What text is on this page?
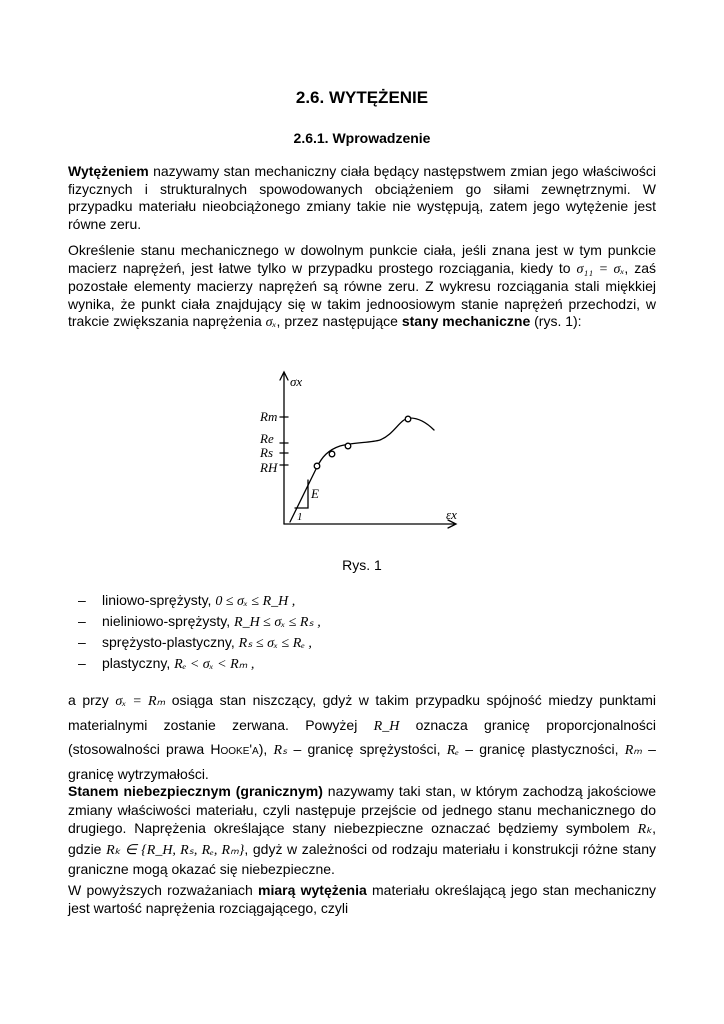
2.6. WYTĘŻENIE
2.6.1. Wprowadzenie

Wytężeniem nazywamy stan mechaniczny ciała będący następstwem zmian jego właściwości fizycznych i strukturalnych spowodowanych obciążeniem go siłami zewnętrznymi. W przypadku materiału nieobciążonego zmiany takie nie występują, zatem jego wytężenie jest równe zeru.

Określenie stanu mechanicznego w dowolnym punkcie ciała, jeśli znana jest w tym punkcie macierz naprężeń, jest łatwe tylko w przypadku prostego rozciągania, kiedy to σ₁₁ = σₓ, zaś pozostałe elementy macierzy naprężeń są równe zeru. Z wykresu rozciągania stali miękkiej wynika, że punkt ciała znajdujący się w takim jednoosiowym stanie naprężeń przechodzi, w trakcie zwiększania naprężenia σₓ, przez następujące stany mechaniczne (rys. 1):

σx
εx
Rm
Re
Rs
RH
E
1
Rys. 1
– liniowo-sprężysty, 0 ≤ σₓ ≤ R_H ,
– nieliniowo-sprężysty, R_H ≤ σₓ ≤ Rₛ ,
– sprężysto-plastyczny, Rₛ ≤ σₓ ≤ Rₑ ,
– plastyczny, Rₑ < σₓ < Rₘ ,

a przy σₓ = Rₘ osiąga stan niszczący, gdyż w takim przypadku spójność miedzy punktami materialnymi zostanie zerwana. Powyżej R_H oznacza granicę proporcjonalności (stosowalności prawa Hooke'a), Rₛ – granicę sprężystości, Rₑ – granicę plastyczności, Rₘ – granicę wytrzymałości.

Stanem niebezpiecznym (granicznym) nazywamy taki stan, w którym zachodzą jakościowe zmiany właściwości materiału, czyli następuje przejście od jednego stanu mechanicznego do drugiego. Naprężenia określające stany niebezpieczne oznaczać będziemy symbolem Rₖ, gdzie Rₖ ∈ {R_H, Rₛ, Rₑ, Rₘ}, gdyż w zależności od rodzaju materiału i konstrukcji różne stany graniczne mogą okazać się niebezpieczne.

W powyższych rozważaniach miarą wytężenia materiału określającą jego stan mechaniczny jest wartość naprężenia rozciągającego, czyli
